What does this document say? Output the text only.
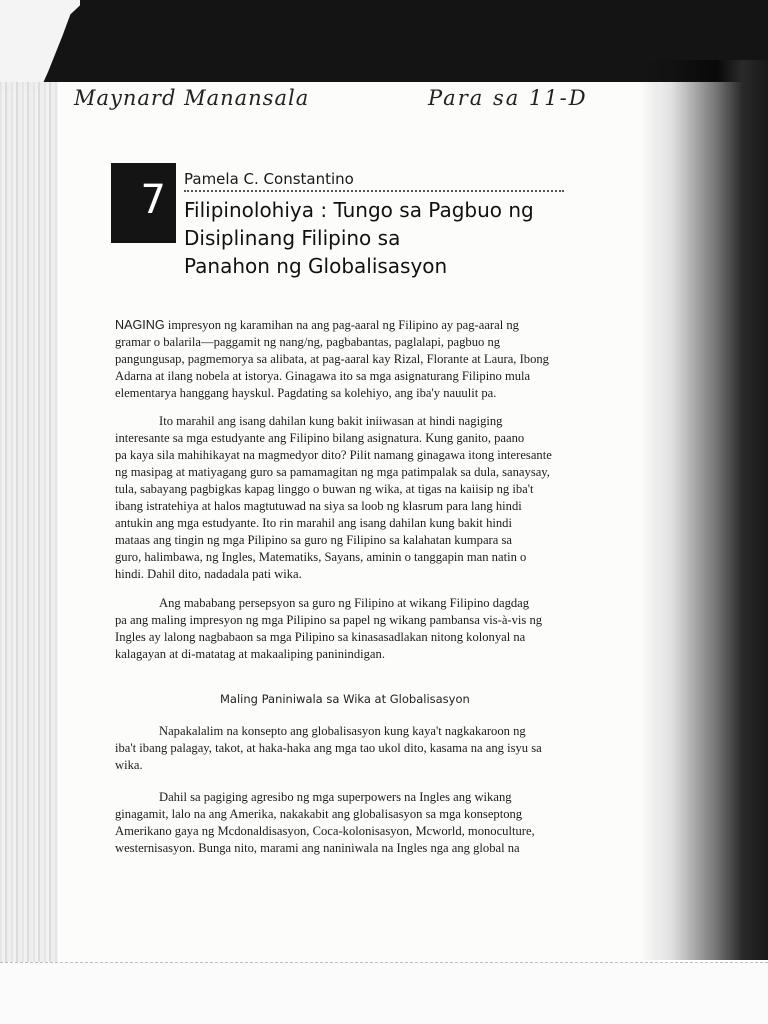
Maynard Manansala	Para sa 11-D
7 Pamela C. Constantino
Filipinolohiya : Tungo sa Pagbuo ng
Disiplinang Filipino sa
Panahon ng Globalisasyon
NAGING impresyon ng karamihan na ang pag-aaral ng Filipino ay pag-aaral ng
gramar o balarila—paggamit ng nang/ng, pagbabantas, paglalapi, pagbuo ng
pangungusap, pagmemorya sa alibata, at pag-aaral kay Rizal, Florante at Laura, Ibong
Adarna at ilang nobela at istorya. Ginagawa ito sa mga asignaturang Filipino mula
elementarya hanggang hayskul. Pagdating sa kolehiyo, ang iba'y nauulit pa.
Ito marahil ang isang dahilan kung bakit iniiwasan at hindi nagiging
interesante sa mga estudyante ang Filipino bilang asignatura. Kung ganito, paano
pa kaya sila mahihikayat na magmedyor dito? Pilit namang ginagawa itong interesante
ng masipag at matiyagang guro sa pamamagitan ng mga patimpalak sa dula, sanaysay,
tula, sabayang pagbigkas kapag linggo o buwan ng wika, at tigas na kaiisip ng iba't
ibang istratehiya at halos magtutuwad na siya sa loob ng klasrum para lang hindi
antukin ang mga estudyante. Ito rin marahil ang isang dahilan kung bakit hindi
mataas ang tingin ng mga Pilipino sa guro ng Filipino sa kalahatan kumpara sa
guro, halimbawa, ng Ingles, Matematiks, Sayans, aminin o tanggapin man natin o
hindi. Dahil dito, nadadala pati wika.
Ang mababang persepsyon sa guro ng Filipino at wikang Filipino dagdag
pa ang maling impresyon ng mga Pilipino sa papel ng wikang pambansa vis-à-vis ng
Ingles ay lalong nagbabaon sa mga Pilipino sa kinasasadlakan nitong kolonyal na
kalagayan at di-matatag at makaaliping paninindigan.
Maling Paniniwala sa Wika at Globalisasyon
Napakalalim na konsepto ang globalisasyon kung kaya't nagkakaroon ng
iba't ibang palagay, takot, at haka-haka ang mga tao ukol dito, kasama na ang isyu sa
wika.
Dahil sa pagiging agresibo ng mga superpowers na Ingles ang wikang
ginagamit, lalo na ang Amerika, nakakabit ang globalisasyon sa mga konseptong
Amerikano gaya ng Mcdonaldisasyon, Coca-kolonisasyon, Mcworld, monoculture,
westernisasyon. Bunga nito, marami ang naniniwala na Ingles nga ang global na
